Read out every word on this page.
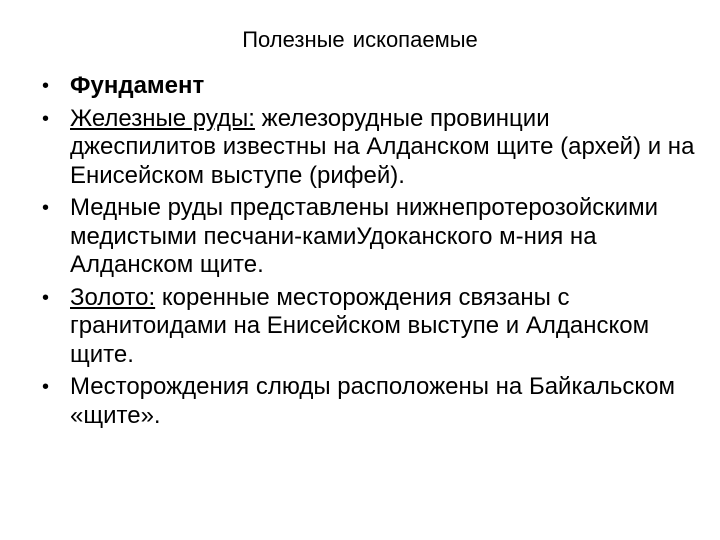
Полезные ископаемые
• Фундамент
• Железные руды: железорудные провинции джеспилитов известны на Алданском щите (архей) и на Енисейском выступе (рифей).
• Медные руды представлены нижнепротерозойскими медистыми песчани-камиУдоканского м-ния на Алданском щите.
• Золото: коренные месторождения связаны с гранитоидами на Енисейском выступе и Алданском щите.
• Месторождения слюды расположены на Байкальском «щите».
